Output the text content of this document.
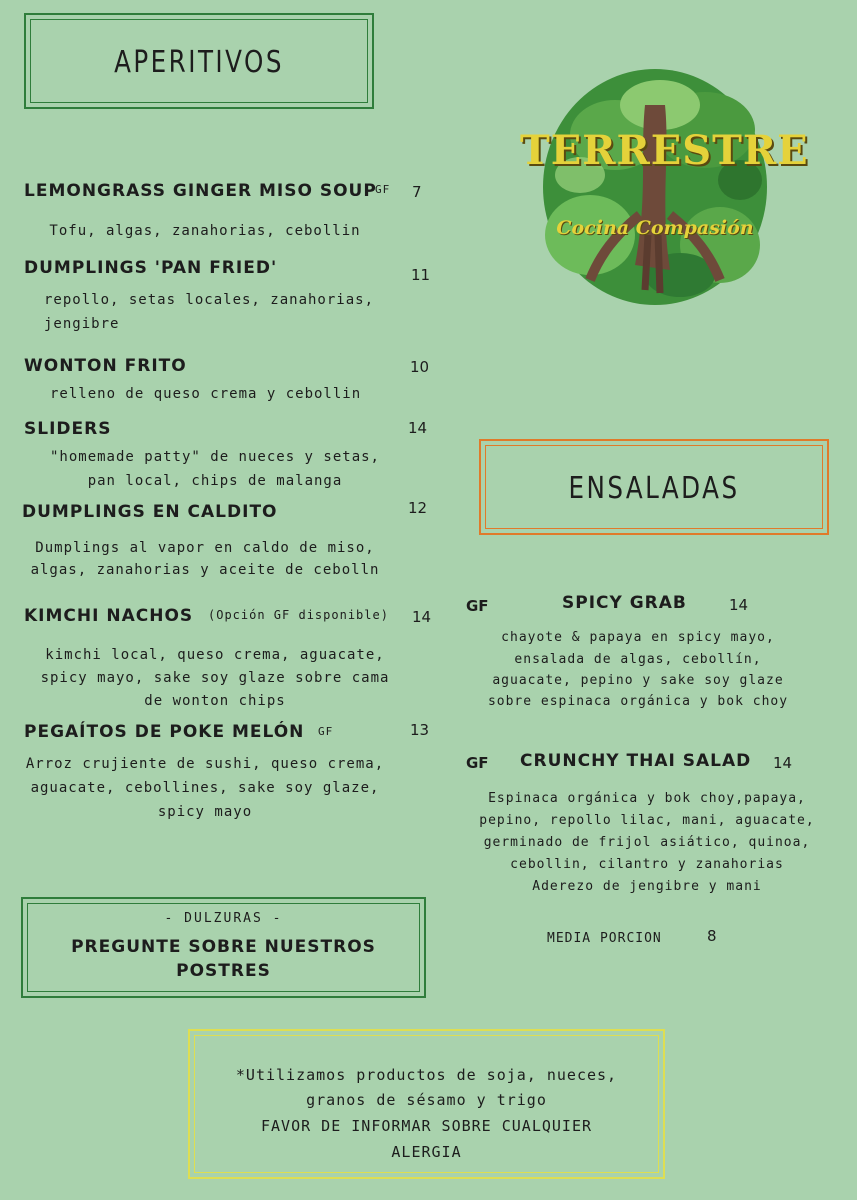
APERITIVOS
TERRESTRE
Cocina Compasión
LEMONGRASS GINGER MISO SOUP
GF 7
Tofu, algas, zanahorias, cebollin
DUMPLINGS 'PAN FRIED'	11
repollo, setas locales, zanahorias,
jengibre
WONTON FRITO	10
relleno de queso crema y cebollin
SLIDERS	14
"homemade patty" de nueces y setas,
pan local, chips de malanga
DUMPLINGS EN CALDITO	12
Dumplings al vapor en caldo de miso,
algas, zanahorias y aceite de cebolln
KIMCHI NACHOS (Opción GF disponible) 14
kimchi local, queso crema, aguacate,
spicy mayo, sake soy glaze sobre cama
de wonton chips
PEGAÍTOS DE POKE MELÓN GF	13
Arroz crujiente de sushi, queso crema,
aguacate, cebollines, sake soy glaze,
spicy mayo
ENSALADAS
GF	SPICY GRAB	14
chayote & papaya en spicy mayo,
ensalada de algas, cebollín,
aguacate, pepino y sake soy glaze
sobre espinaca orgánica y bok choy
GF CRUNCHY THAI SALAD 14
Espinaca orgánica y bok choy,papaya,
pepino, repollo lilac, mani, aguacate,
germinado de frijol asiático, quinoa,
cebollin, cilantro y zanahorias
Aderezo de jengibre y mani
MEDIA PORCION	8
- DULZURAS -
PREGUNTE SOBRE NUESTROS
POSTRES
*Utilizamos productos de soja, nueces,
granos de sésamo y trigo
FAVOR DE INFORMAR SOBRE CUALQUIER
ALERGIA
